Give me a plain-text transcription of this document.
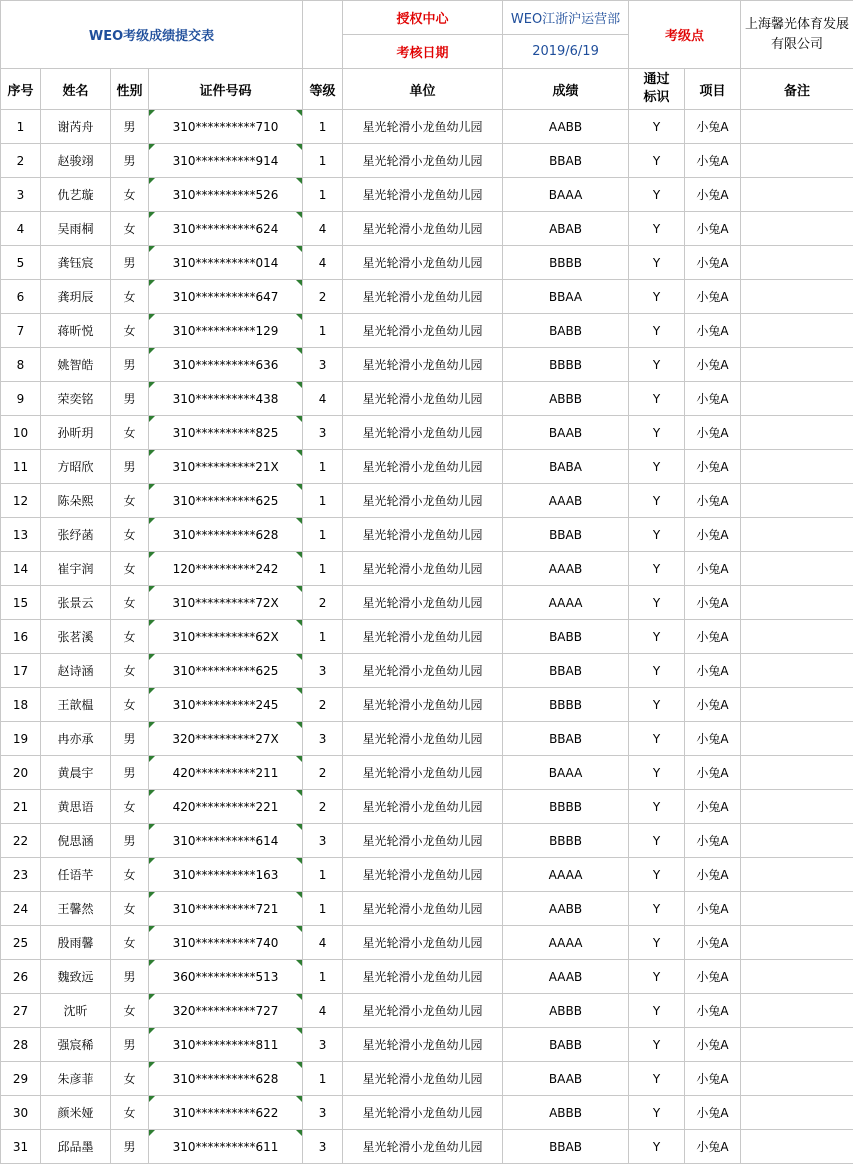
WEO考级成绩提交表					授权中心	WEO江浙沪运营部	考级点		上海馨光体育发展有限公司
					考核日期	2019/6/19			
序号	姓名	性别	证件号码	等级	单位	成绩	通过标识	项目	备注
1	谢芮舟	男	310**********710	1	星光轮滑小龙鱼幼儿园	AABB	Y	小兔A	
2	赵骏翊	男	310**********914	1	星光轮滑小龙鱼幼儿园	BBAB	Y	小兔A	
3	仇艺璇	女	310**********526	1	星光轮滑小龙鱼幼儿园	BAAA	Y	小兔A	
4	吴雨桐	女	310**********624	4	星光轮滑小龙鱼幼儿园	ABAB	Y	小兔A	
5	龚钰宸	男	310**********014	4	星光轮滑小龙鱼幼儿园	BBBB	Y	小兔A	
6	龚玥辰	女	310**********647	2	星光轮滑小龙鱼幼儿园	BBAA	Y	小兔A	
7	蒋昕悦	女	310**********129	1	星光轮滑小龙鱼幼儿园	BABB	Y	小兔A	
8	姚智皓	男	310**********636	3	星光轮滑小龙鱼幼儿园	BBBB	Y	小兔A	
9	荣奕铭	男	310**********438	4	星光轮滑小龙鱼幼儿园	ABBB	Y	小兔A	
10	孙昕玥	女	310**********825	3	星光轮滑小龙鱼幼儿园	BAAB	Y	小兔A	
11	方昭欣	男	310**********21X	1	星光轮滑小龙鱼幼儿园	BABA	Y	小兔A	
12	陈朵熙	女	310**********625	1	星光轮滑小龙鱼幼儿园	AAAB	Y	小兔A	
13	张纾菡	女	310**********628	1	星光轮滑小龙鱼幼儿园	BBAB	Y	小兔A	
14	崔宇润	女	120**********242	1	星光轮滑小龙鱼幼儿园	AAAB	Y	小兔A	
15	张景云	女	310**********72X	2	星光轮滑小龙鱼幼儿园	AAAA	Y	小兔A	
16	张茗溪	女	310**********62X	1	星光轮滑小龙鱼幼儿园	BABB	Y	小兔A	
17	赵诗涵	女	310**********625	3	星光轮滑小龙鱼幼儿园	BBAB	Y	小兔A	
18	王歆榅	女	310**********245	2	星光轮滑小龙鱼幼儿园	BBBB	Y	小兔A	
19	冉亦承	男	320**********27X	3	星光轮滑小龙鱼幼儿园	BBAB	Y	小兔A	
20	黄晨宇	男	420**********211	2	星光轮滑小龙鱼幼儿园	BAAA	Y	小兔A	
21	黄思语	女	420**********221	2	星光轮滑小龙鱼幼儿园	BBBB	Y	小兔A	
22	倪思涵	男	310**********614	3	星光轮滑小龙鱼幼儿园	BBBB	Y	小兔A	
23	任语芊	女	310**********163	1	星光轮滑小龙鱼幼儿园	AAAA	Y	小兔A	
24	王馨然	女	310**********721	1	星光轮滑小龙鱼幼儿园	AABB	Y	小兔A	
25	殷雨馨	女	310**********740	4	星光轮滑小龙鱼幼儿园	AAAA	Y	小兔A	
26	魏致远	男	360**********513	1	星光轮滑小龙鱼幼儿园	AAAB	Y	小兔A	
27	沈昕	女	320**********727	4	星光轮滑小龙鱼幼儿园	ABBB	Y	小兔A	
28	强宸稀	男	310**********811	3	星光轮滑小龙鱼幼儿园	BABB	Y	小兔A	
29	朱彦菲	女	310**********628	1	星光轮滑小龙鱼幼儿园	BAAB	Y	小兔A	
30	颜米娅	女	310**********622	3	星光轮滑小龙鱼幼儿园	ABBB	Y	小兔A	
31	邱品墨	男	310**********611	3	星光轮滑小龙鱼幼儿园	BBAB	Y	小兔A	
